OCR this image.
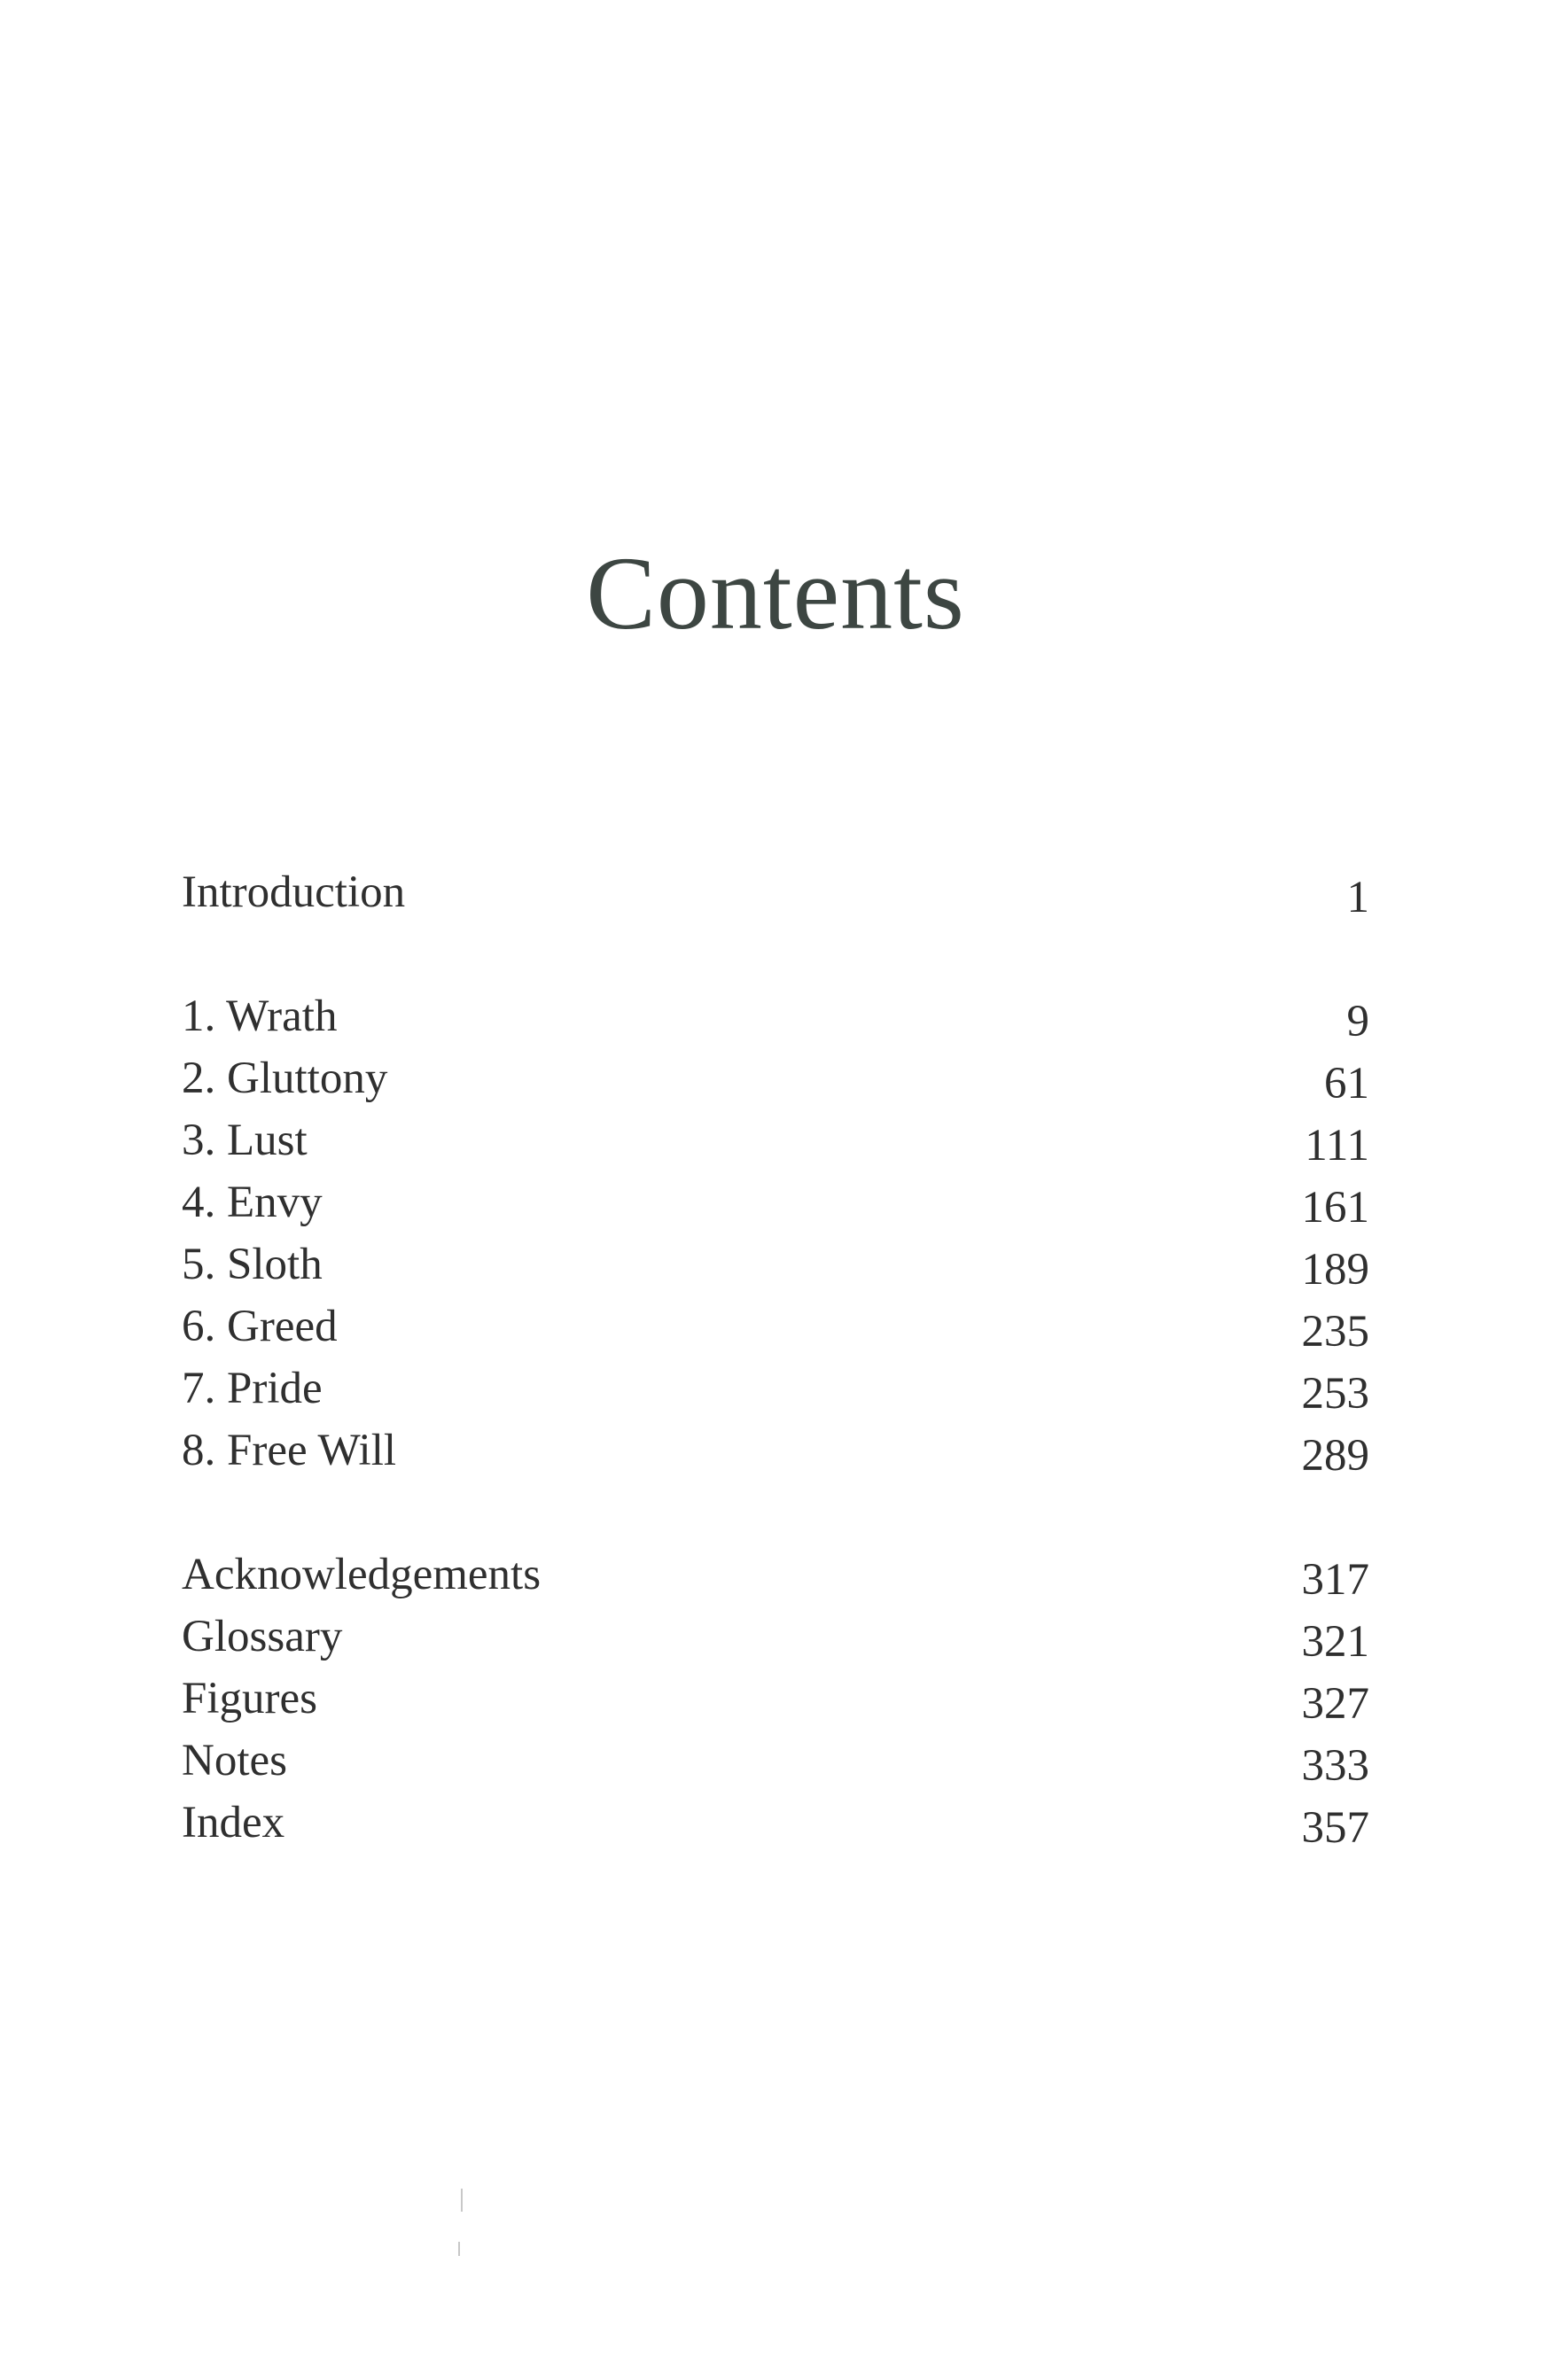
Contents
Introduction	1
1. Wrath	9
2. Gluttony	61
3. Lust	111
4. Envy	161
5. Sloth	189
6. Greed	235
7. Pride	253
8. Free Will	289
Acknowledgements	317
Glossary	321
Figures	327
Notes	333
Index	357
